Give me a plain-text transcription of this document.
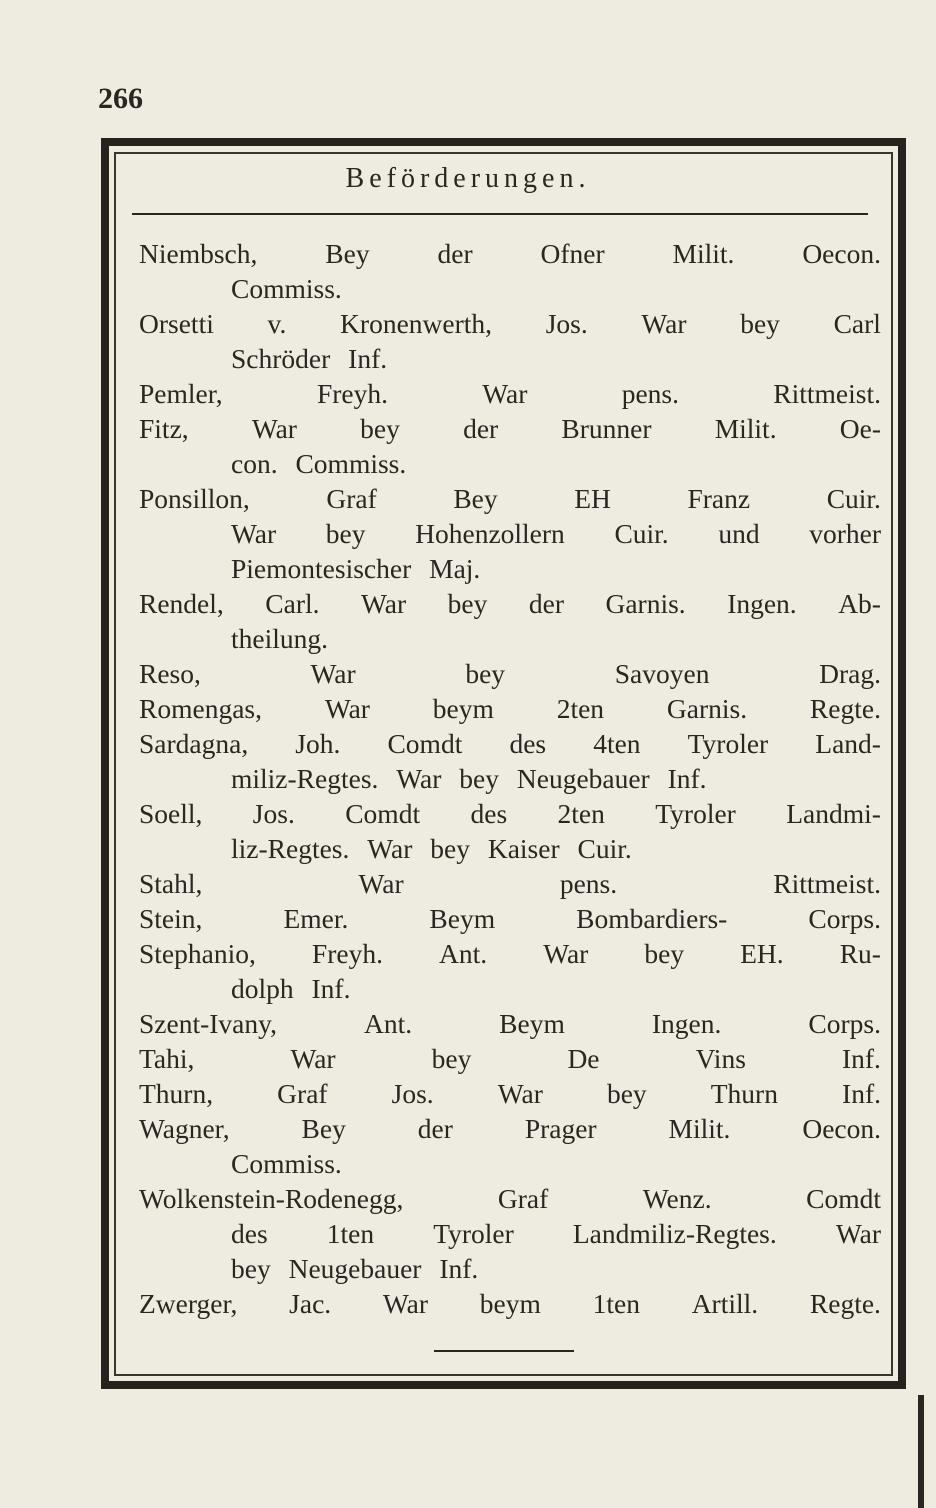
266
Beförderungen.
Niembsch, Bey der Ofner Milit. Oecon.
Commiss.
Orsetti v. Kronenwerth, Jos. War bey Carl
Schröder Inf.
Pemler,	Freyh.	War	pens.	Rittmeist.
Fitz, War bey der Brunner Milit. Oe-
con. Commiss.
Ponsillon,	Graf	Bey	EH	Franz	Cuir.
War bey Hohenzollern Cuir. und vorher
Piemontesischer Maj.
Rendel, Carl. War bey der Garnis. Ingen. Ab-
theilung.
Reso,	War	bey	Savoyen	Drag.
Romengas, War beym 2ten Garnis. Regte.
Sardagna, Joh. Comdt des 4ten Tyroler Land-
miliz-Regtes. War bey Neugebauer Inf.
Soell, Jos. Comdt des 2ten Tyroler Landmi-
liz-Regtes. War bey Kaiser Cuir.
Stahl,	War	pens.	Rittmeist.
Stein,	Emer.	Beym	Bombardiers-	Corps.
Stephanio, Freyh. Ant. War bey EH. Ru-
dolph Inf.
Szent-Ivany,	Ant.	Beym	Ingen.	Corps.
Tahi,	War	bey	De	Vins	Inf.
Thurn, Graf Jos. War bey Thurn Inf.
Wagner,	Bey	der	Prager	Milit.	Oecon.
Commiss.
Wolkenstein-Rodenegg,	Graf	Wenz.	Comdt
des 1ten Tyroler Landmiliz-Regtes. War
bey Neugebauer Inf.
Zwerger, Jac. War beym 1ten Artill. Regte.
